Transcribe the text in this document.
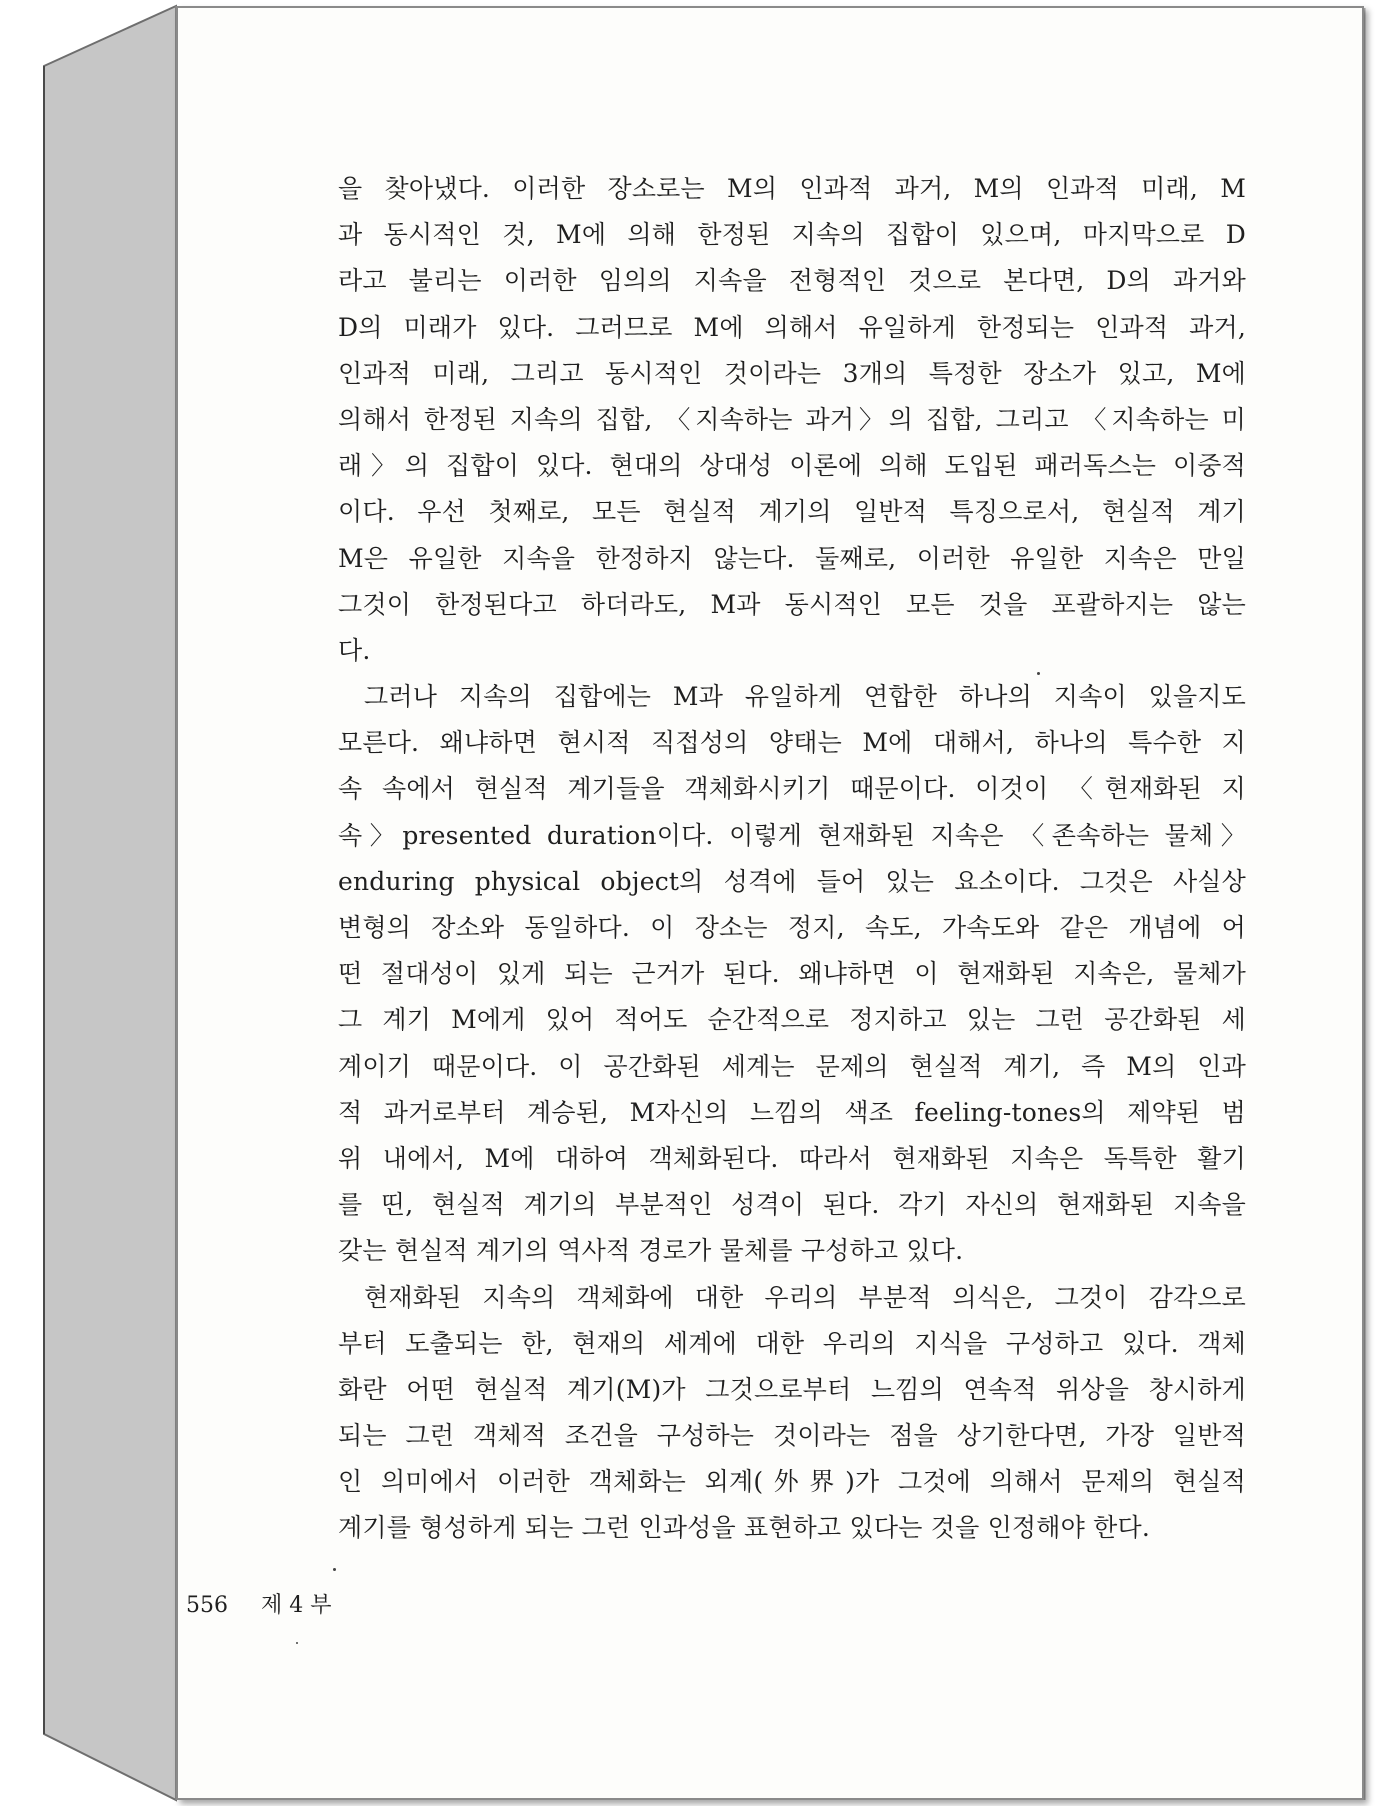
을 찾아냈다. 이러한 장소로는 M의 인과적 과거, M의 인과적 미래, M
과 동시적인 것, M에 의해 한정된 지속의 집합이 있으며, 마지막으로 D
라고 불리는 이러한 임의의 지속을 전형적인 것으로 본다면, D의 과거와
D의 미래가 있다. 그러므로 M에 의해서 유일하게 한정되는 인과적 과거,
인과적 미래, 그리고 동시적인 것이라는 3개의 특정한 장소가 있고, M에
의해서 한정된 지속의 집합, 〈지속하는 과거〉의 집합, 그리고 〈지속하는 미
래〉의 집합이 있다. 현대의 상대성 이론에 의해 도입된 패러독스는 이중적
이다. 우선 첫째로, 모든 현실적 계기의 일반적 특징으로서, 현실적 계기
M은 유일한 지속을 한정하지 않는다. 둘째로, 이러한 유일한 지속은 만일
그것이 한정된다고 하더라도, M과 동시적인 모든 것을 포괄하지는 않는
다.
그러나 지속의 집합에는 M과 유일하게 연합한 하나의 지속이 있을지도
모른다. 왜냐하면 현시적 직접성의 양태는 M에 대해서, 하나의 특수한 지
속 속에서 현실적 계기들을 객체화시키기 때문이다. 이것이 〈현재화된 지
속〉presented duration이다. 이렇게 현재화된 지속은 〈존속하는 물체〉
enduring physical object의 성격에 들어 있는 요소이다. 그것은 사실상
변형의 장소와 동일하다. 이 장소는 정지, 속도, 가속도와 같은 개념에 어
떤 절대성이 있게 되는 근거가 된다. 왜냐하면 이 현재화된 지속은, 물체가
그 계기 M에게 있어 적어도 순간적으로 정지하고 있는 그런 공간화된 세
계이기 때문이다. 이 공간화된 세계는 문제의 현실적 계기, 즉 M의 인과
적 과거로부터 계승된, M자신의 느낌의 색조 feeling-tones의 제약된 범
위 내에서, M에 대하여 객체화된다. 따라서 현재화된 지속은 독특한 활기
를 띤, 현실적 계기의 부분적인 성격이 된다. 각기 자신의 현재화된 지속을
갖는 현실적 계기의 역사적 경로가 물체를 구성하고 있다.
현재화된 지속의 객체화에 대한 우리의 부분적 의식은, 그것이 감각으로
부터 도출되는 한, 현재의 세계에 대한 우리의 지식을 구성하고 있다. 객체
화란 어떤 현실적 계기(M)가 그것으로부터 느낌의 연속적 위상을 창시하게
되는 그런 객체적 조건을 구성하는 것이라는 점을 상기한다면, 가장 일반적
인 의미에서 이러한 객체화는 외계(外界)가 그것에 의해서 문제의 현실적
계기를 형성하게 되는 그런 인과성을 표현하고 있다는 것을 인정해야 한다.
556 제 4 부
